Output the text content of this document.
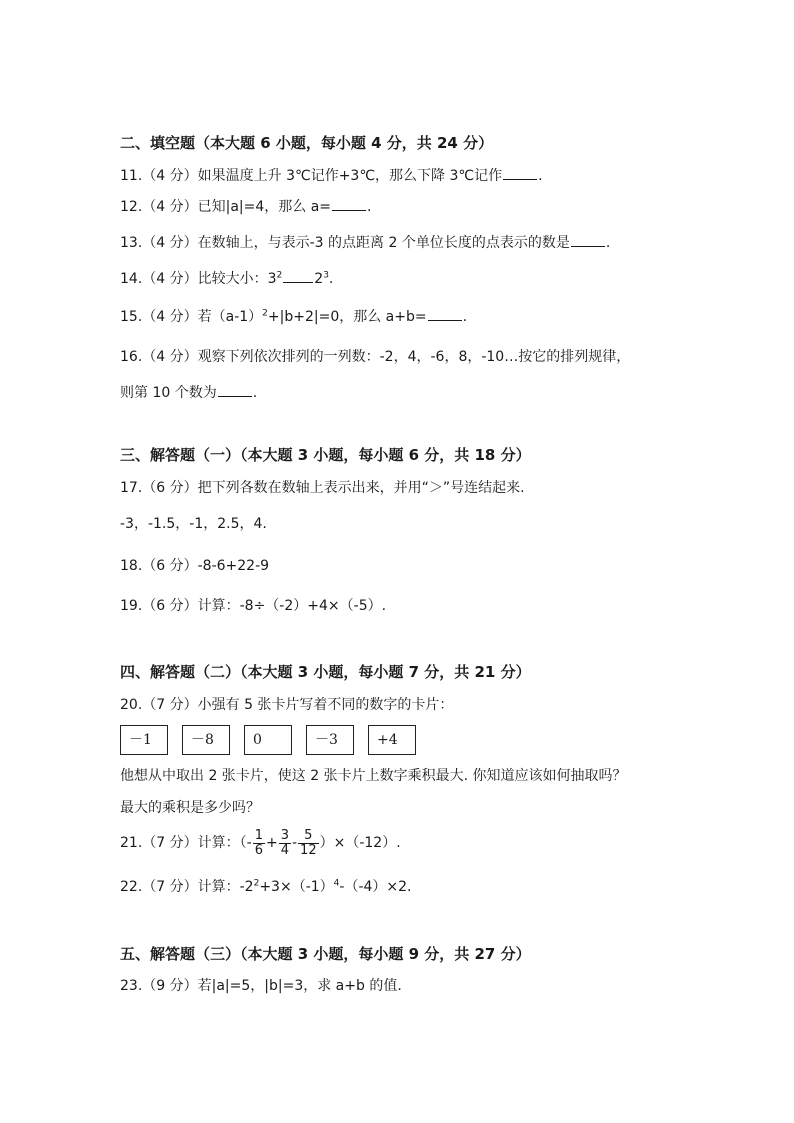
二、填空题（本大题 6 小题，每小题 4 分，共 24 分）
11.（4 分）如果温度上升 3℃记作+3℃，那么下降 3℃记作	.
12.（4 分）已知|a|=4，那么 a=	.
13.（4 分）在数轴上，与表示-3 的点距离 2 个单位长度的点表示的数是	.
14.（4 分）比较大小：$3^2$ $2^3$.
15.（4 分）若$(a-1)^2+|b+2|=0$，那么 a+b=	.
16.（4 分）观察下列依次排列的一列数：-2，4，-6，8，-10…按它的排列规律，
则第 10 个数为	.
三、解答题（一）（本大题 3 小题，每小题 6 分，共 18 分）
17.（6 分）把下列各数在数轴上表示出来，并用“＞”号连结起来.
-3，-1.5，-1，2.5，4.
18.（6 分）-8-6+22-9
19.（6 分）计算：-8÷（-2）+4×（-5）.
四、解答题（二）（本大题 3 小题，每小题 7 分，共 21 分）
20.（7 分）小强有 5 张卡片写着不同的数字的卡片：
－1	－8	0	－3	+4
他想从中取出 2 张卡片，使这 2 张卡片上数字乘积最大. 你知道应该如何抽取吗？
最大的乘积是多少吗？
21.（7 分）计算：（- $\frac{1}{6} + \frac{3}{4} - \frac{5}{12} )\times(-12)$.
22.（7 分）计算：$-2^2+3\times(-1)^4-(-4)\times 2$.
五、解答题（三）（本大题 3 小题，每小题 9 分，共 27 分）
23.（9 分）若|a|=5，|b|=3，求 a+b 的值.
